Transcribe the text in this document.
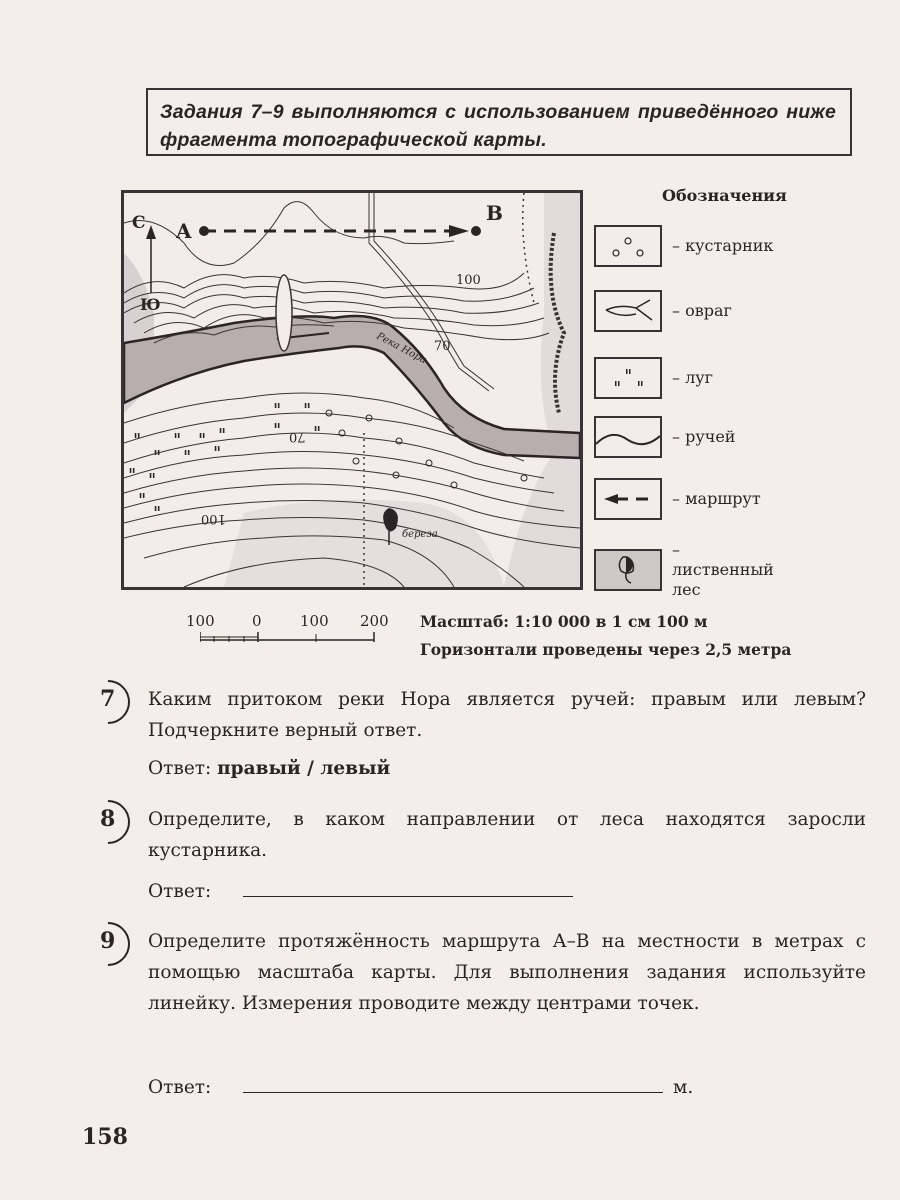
Задания 7–9 выполняются с использованием приведённого ниже фрагмента топографической карты.
ıı	ıı
ıı
ıı	ıı ıı ıı
ıı	ıı	ıı
ıı
ıı ıı
ıı
ıı
С
Ю
A
B
100
70
70
100
Река Нора
береза
Обозначения
– кустарник
– овраг
– луг
– ручей
– маршрут
– лиственный лес
100 0	100 200 Масштаб: 1:10 000 в 1 см 100 м
Горизонтали проведены через 2,5 метра
7 Каким притоком реки Нора является ручей: правым или левым? Подчеркните верный ответ.
Ответ: правый / левый
8 Определите, в каком направлении от леса находятся заросли кустарника.
Ответ:
9 Определите протяжённость маршрута А–В на местности в метрах с помощью масштаба карты. Для выполнения задания используйте линейку. Измерения проводите между центрами точек.
Ответ:	м.
158
